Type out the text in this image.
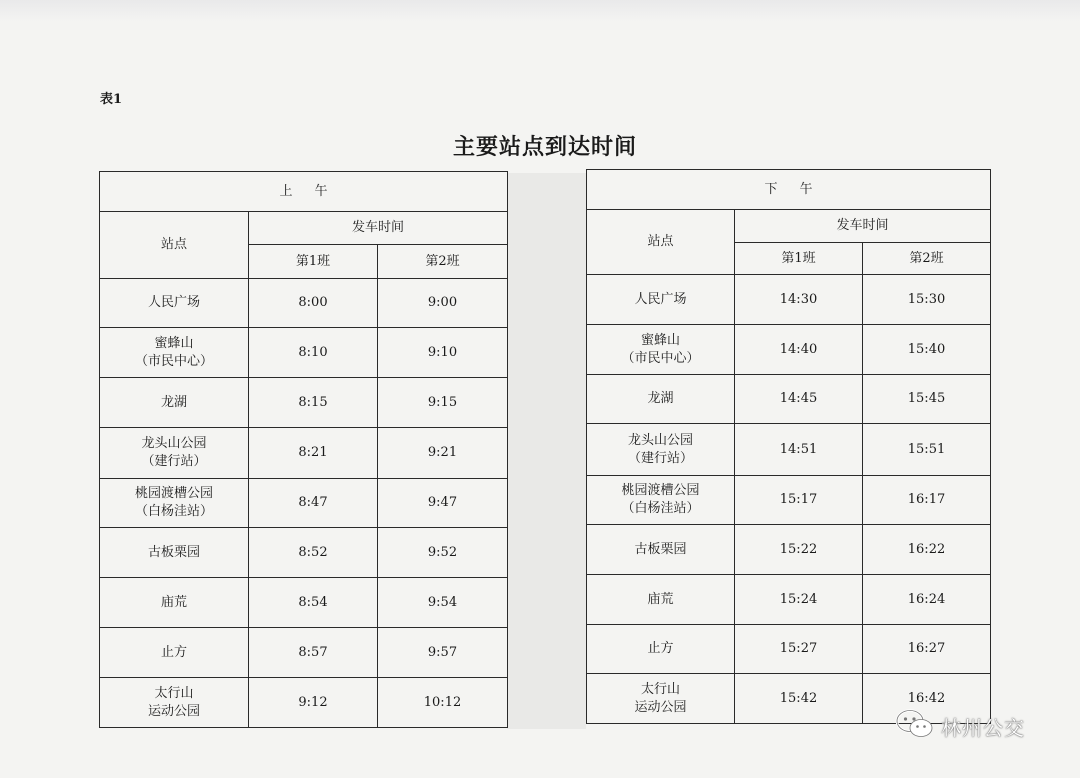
表1
主要站点到达时间
上午		
站点	发车时间	
	第1班	第2班

人民广场	8:00	9:00

蜜蜂山
（市民中心）	8:10	9:10

龙湖	8:15	9:15

龙头山公园
（建行站）	8:21	9:21

桃园渡槽公园
（白杨洼站）	8:47	9:47

古板栗园	8:52	9:52

庙荒	8:54	9:54

止方	8:57	9:57

太行山
运动公园	9:12	10:12
下午		
站点	发车时间	
	第1班	第2班

人民广场	14:30	15:30

蜜蜂山
（市民中心）	14:40	15:40

龙湖	14:45	15:45

龙头山公园
（建行站）	14:51	15:51

桃园渡槽公园
（白杨洼站）	15:17	16:17

古板栗园	15:22	16:22

庙荒	15:24	16:24

止方	15:27	16:27

太行山
运动公园	15:42	16:42
林州公交
